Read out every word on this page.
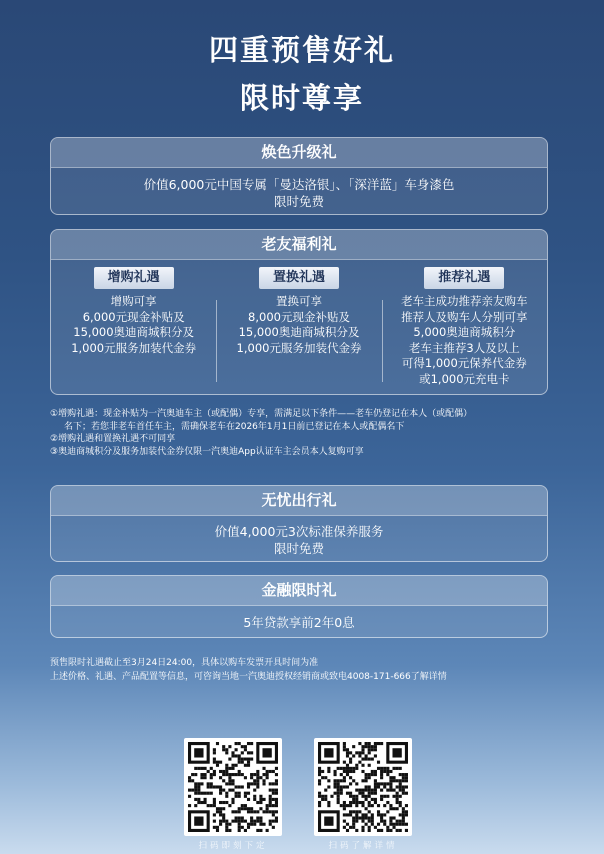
四重预售好礼
限时尊享
焕色升级礼
价值6,000元中国专属「曼达洛银」、「深洋蓝」车身漆色
限时免费
老友福利礼
增购礼遇
增购可享
6,000元现金补贴及
15,000奥迪商城积分及
1,000元服务加装代金券
置换礼遇
置换可享
8,000元现金补贴及
15,000奥迪商城积分及
1,000元服务加装代金券
推荐礼遇
老车主成功推荐亲友购车
推荐人及购车人分别可享
5,000奥迪商城积分
老车主推荐3人及以上
可得1,000元保养代金券
或1,000元充电卡
①增购礼遇：现金补贴为一汽奥迪车主（或配偶）专享，需满足以下条件——老车仍登记在本人（或配偶）
名下；若您非老车首任车主，需确保老车在2026年1月1日前已登记在本人或配偶名下
②增购礼遇和置换礼遇不可同享
③奥迪商城积分及服务加装代金券仅限一汽奥迪App认证车主会员本人复购可享
无忧出行礼
价值4,000元3次标准保养服务
限时免费
金融限时礼
5年贷款享前2年0息
预售限时礼遇截止至3月24日24:00，具体以购车发票开具时间为准
上述价格、礼遇、产品配置等信息，可咨询当地一汽奥迪授权经销商或致电4008-171-666了解详情
扫码即刻下定	扫码了解详情
